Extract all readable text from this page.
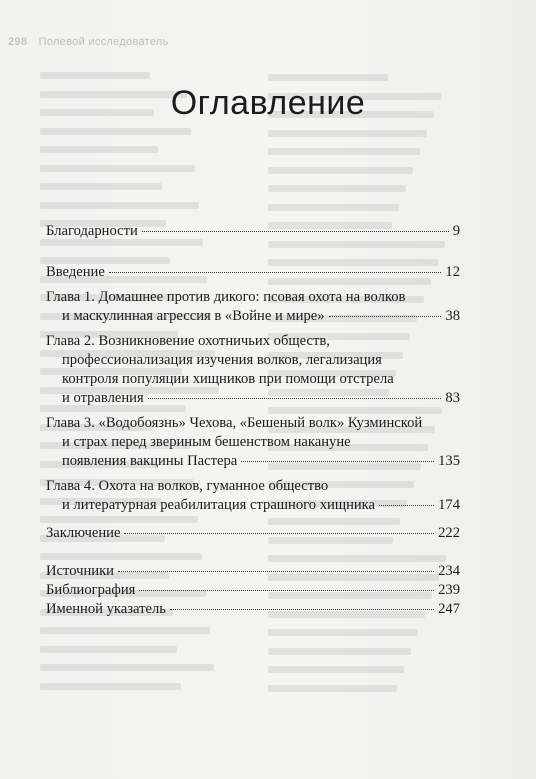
298 Полевой исследователь
Оглавление
Благодарности	9
Введение	12
Глава 1. Домашнее против дикого: псовая охота на волков
и маскулинная агрессия в «Войне и мире»	38
Глава 2. Возникновение охотничьих обществ,
профессионализация изучения волков, легализация
контроля популяции хищников при помощи отстрела
и отравления	83
Глава 3. «Водобоязнь» Чехова, «Бешеный волк» Кузминской
и страх перед звериным бешенством накануне
появления вакцины Пастера	135
Глава 4. Охота на волков, гуманное общество
и литературная реабилитация страшного хищника	174
Заключение	222
Источники	234
Библиография	239
Именной указатель	247
